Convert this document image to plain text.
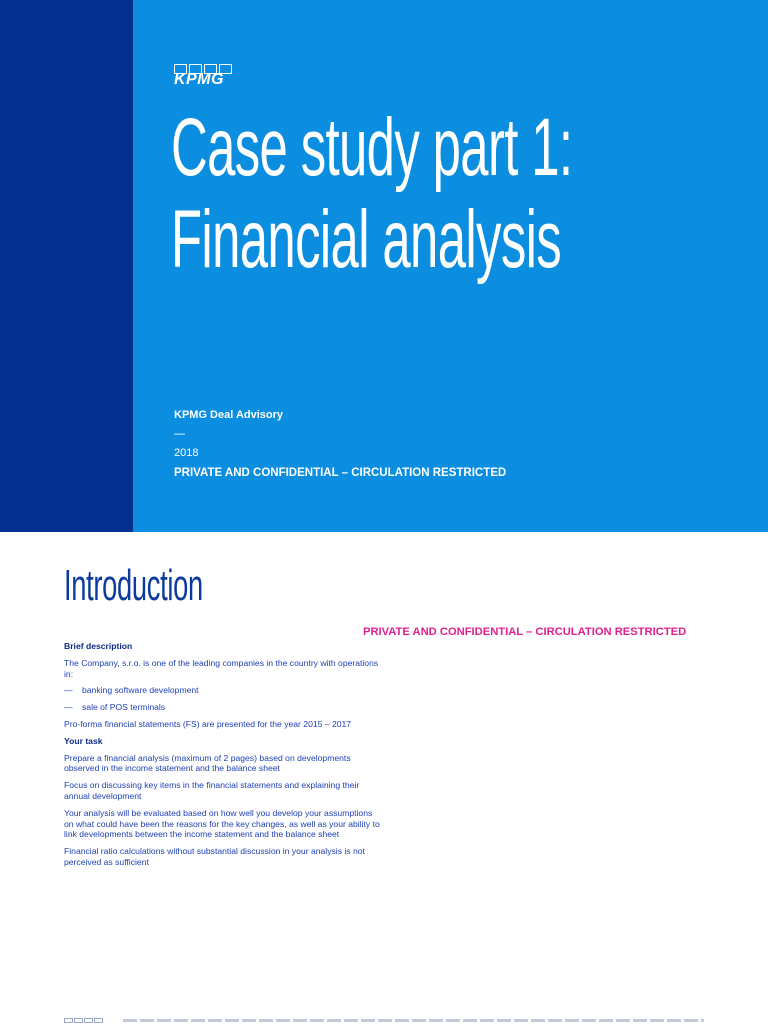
KPMG
Case study part 1:
Financial analysis
KPMG Deal Advisory
—
2018
PRIVATE AND CONFIDENTIAL – CIRCULATION RESTRICTED
Introduction
PRIVATE AND CONFIDENTIAL – CIRCULATION RESTRICTED
Brief description
The Company, s.r.o. is one of the leading companies in the country with operations in:
—	banking software development
—	sale of POS terminals
Pro-forma financial statements (FS) are presented for the year 2015 – 2017
Your task
Prepare a financial analysis (maximum of 2 pages) based on developments observed in the income statement and the balance sheet
Focus on discussing key items in the financial statements and explaining their annual development
Your analysis will be evaluated based on how well you develop your assumptions on what could have been the reasons for the key changes, as well as your ability to link developments between the income statement and the balance sheet
Financial ratio calculations without substantial discussion in your analysis is not perceived as sufficient
